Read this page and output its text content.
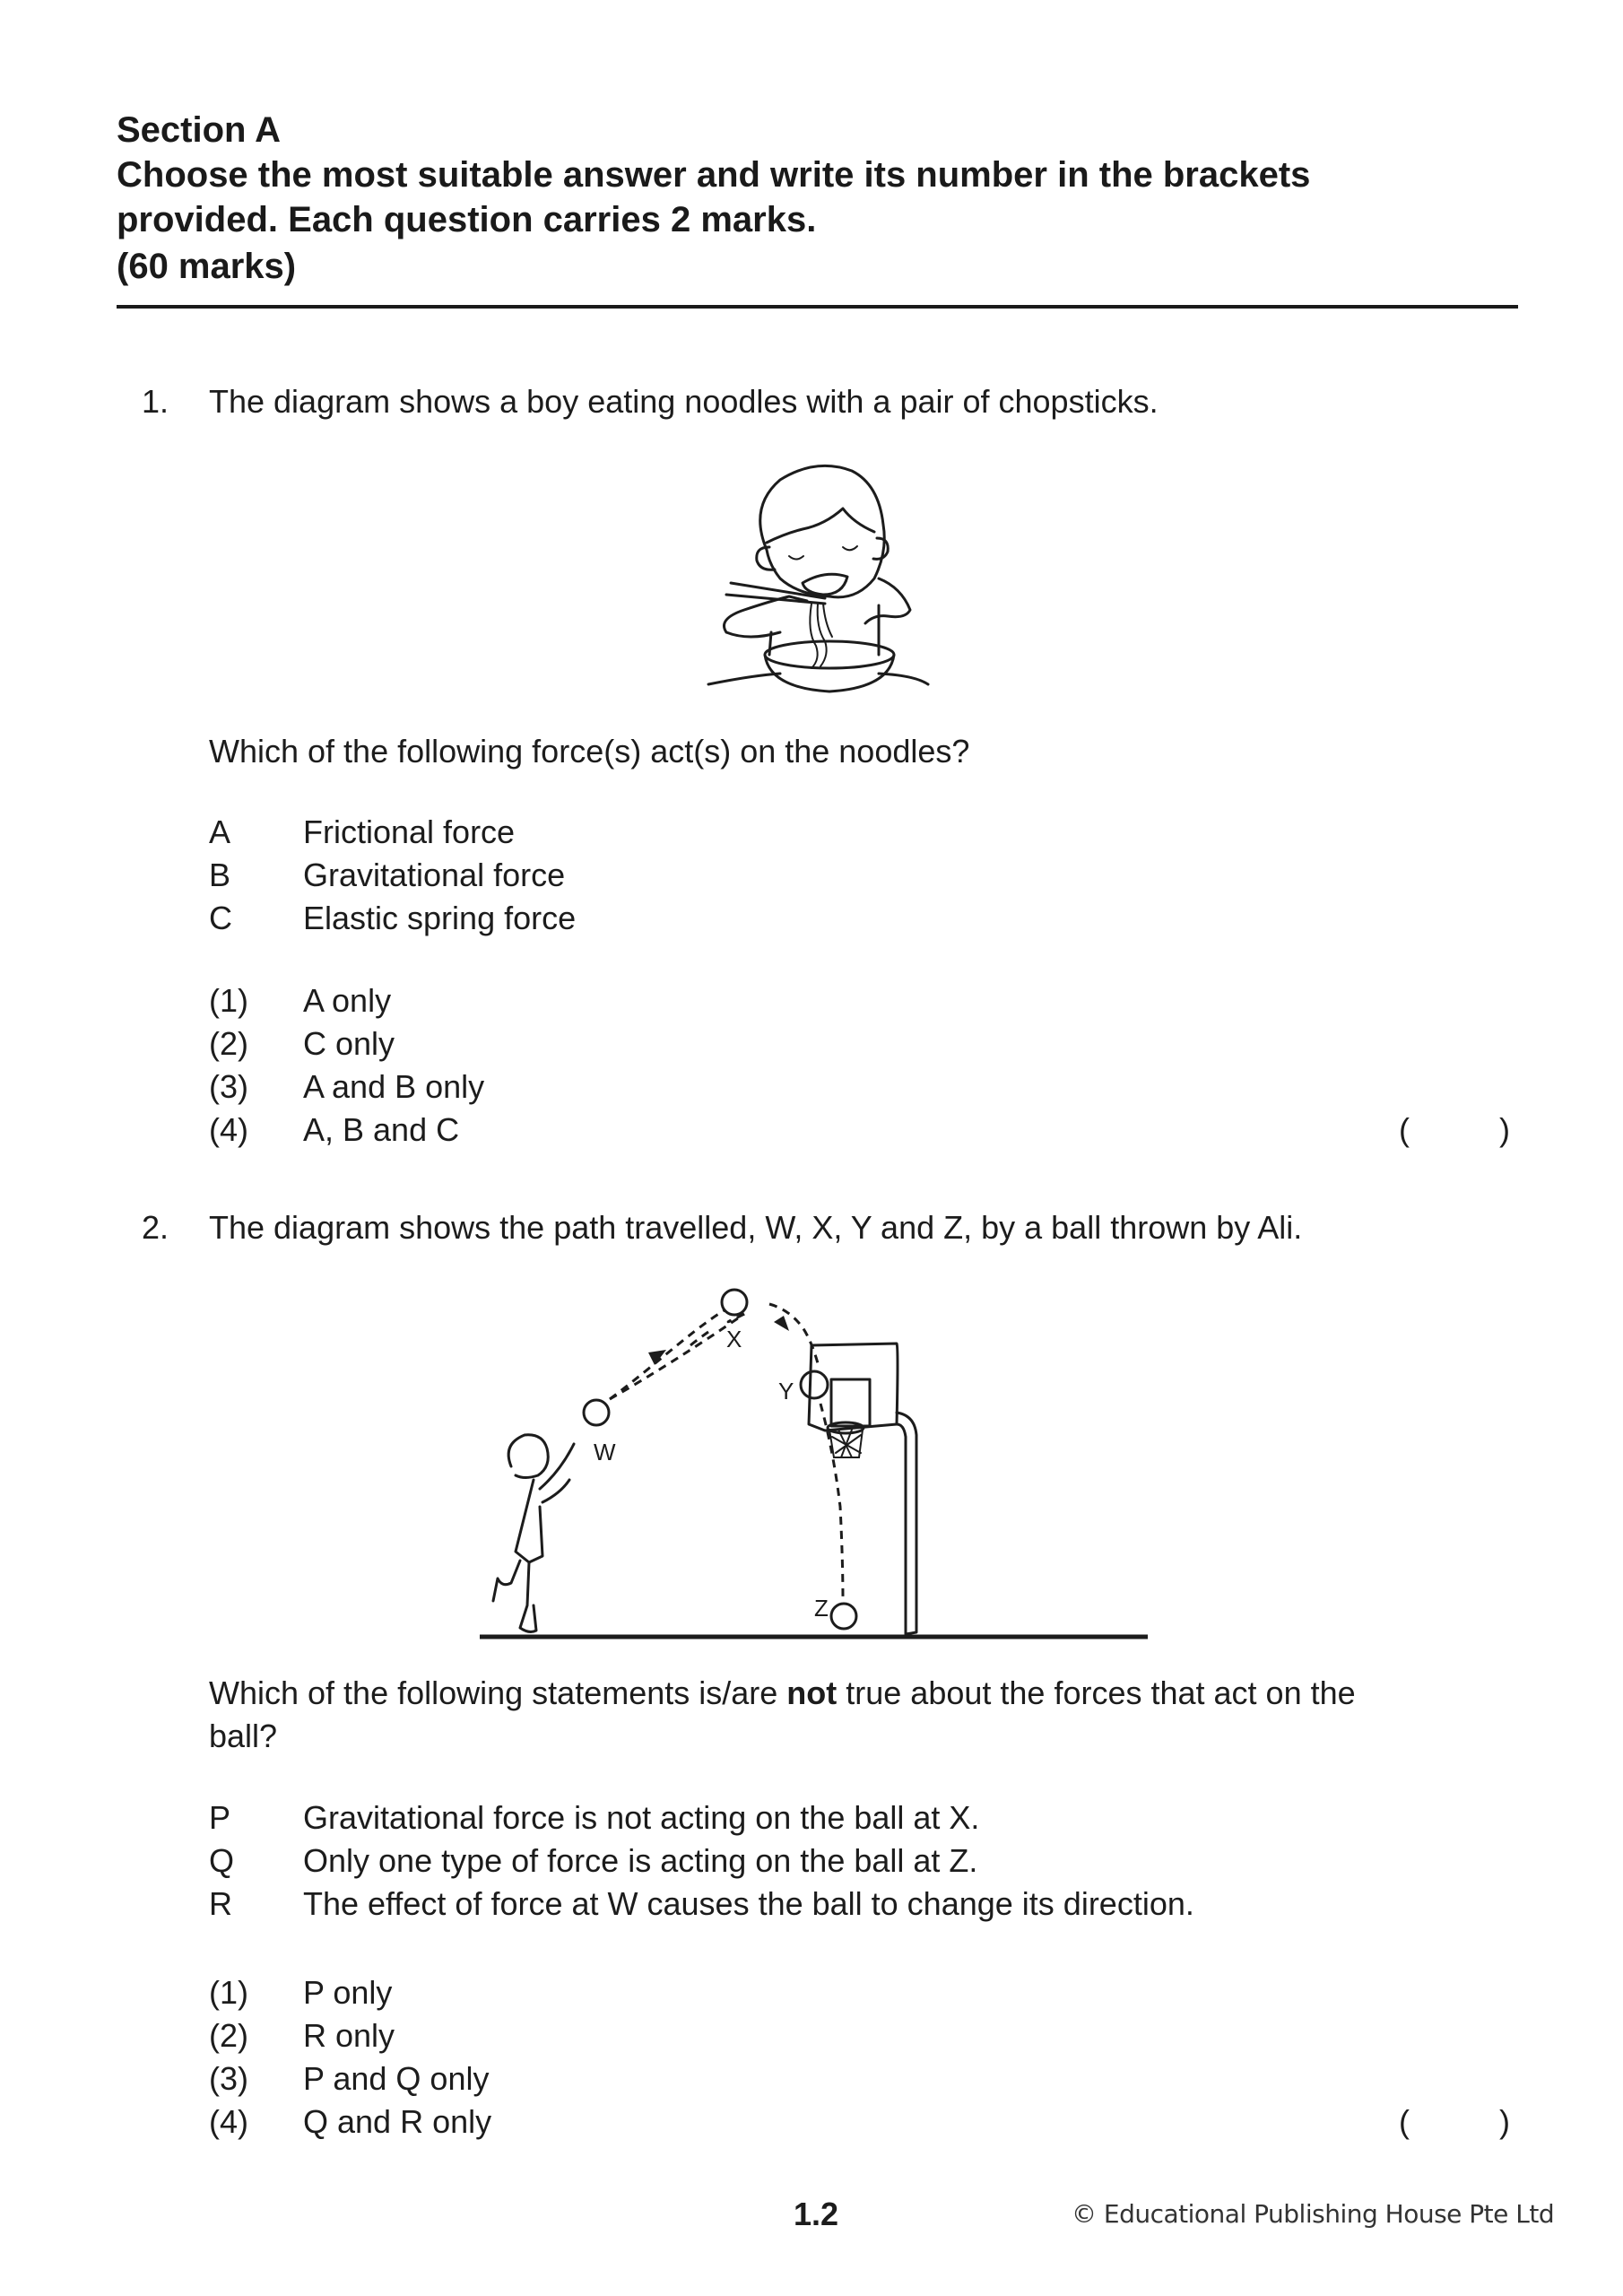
Section A
Choose the most suitable answer and write its number in the brackets
provided. Each question carries 2 marks.
(60 marks)
1. The diagram shows a boy eating noodles with a pair of chopsticks.
Which of the following force(s) act(s) on the noodles?
A Frictional force
B Gravitational force
C Elastic spring force
(1) A only
(2) C only
(3) A and B only
(4) A, B and C	(	)
2. The diagram shows the path travelled, W, X, Y and Z, by a ball thrown by Ali.
W
X
Y
Z
Which of the following statements is/are not true about the forces that act on the
ball?
P Gravitational force is not acting on the ball at X.
Q Only one type of force is acting on the ball at Z.
R The effect of force at W causes the ball to change its direction.
(1) P only
(2) R only
(3) P and Q only
(4) Q and R only	(	)
1.2	© Educational Publishing House Pte Ltd
